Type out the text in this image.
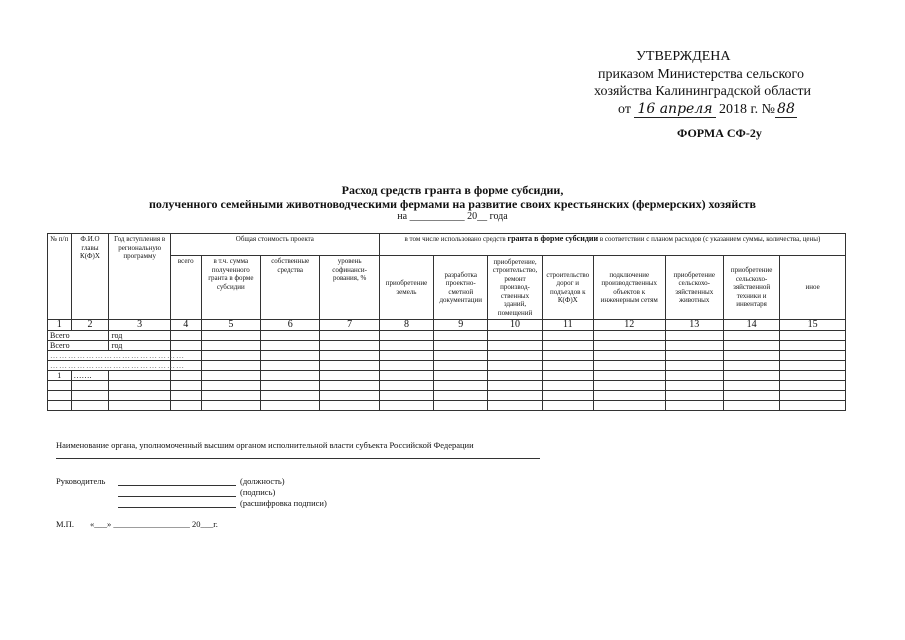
УТВЕРЖДЕНА
приказом Министерства сельского
хозяйства Калининградской области
от 16 апреля 2018 г. № 88
ФОРМА СФ-2у
Расход средств гранта в форме субсидии,
полученного семейными животноводческими фермами на развитие своих крестьянских (фермерских) хозяйств
на ___________ 20__ года
№ п/п	Ф.И.О главы К(Ф)Х	Год вступления в региональную программу	Общая стоимость проекта				в том числе использовано средств гранта в форме субсидии в соответствии с планом расходов (с указанием суммы, количества, цены)							
			всего	в т.ч. сумма полученного гранта в форме субсидии	собственные средства	уровень софинанси-рования, %	приобретение земель	разработка проектно-сметной документации	приобретение, строительство, ремонт производ-ственных зданий, помещений	строительство дорог и подъездов к К(Ф)Х	подключение производственных объектов к инженерным сетям	приобретение сельскохо-зяйственных животных	приобретение сельскохо-зяйственной техники и инвентаря	иное
1	2	3	4	5	6	7	8	9	10	11	12	13	14	15
Всего		год												
Всего		год												
………………………………………														
………………………………………														
1	…….													

Наименование органа, уполномоченный высшим органом исполнительной власти субъекта Российской Федерации
Руководитель	(должность)
(подпись)
(расшифровка подписи)
М.П. «___» __________________ 20___г.
